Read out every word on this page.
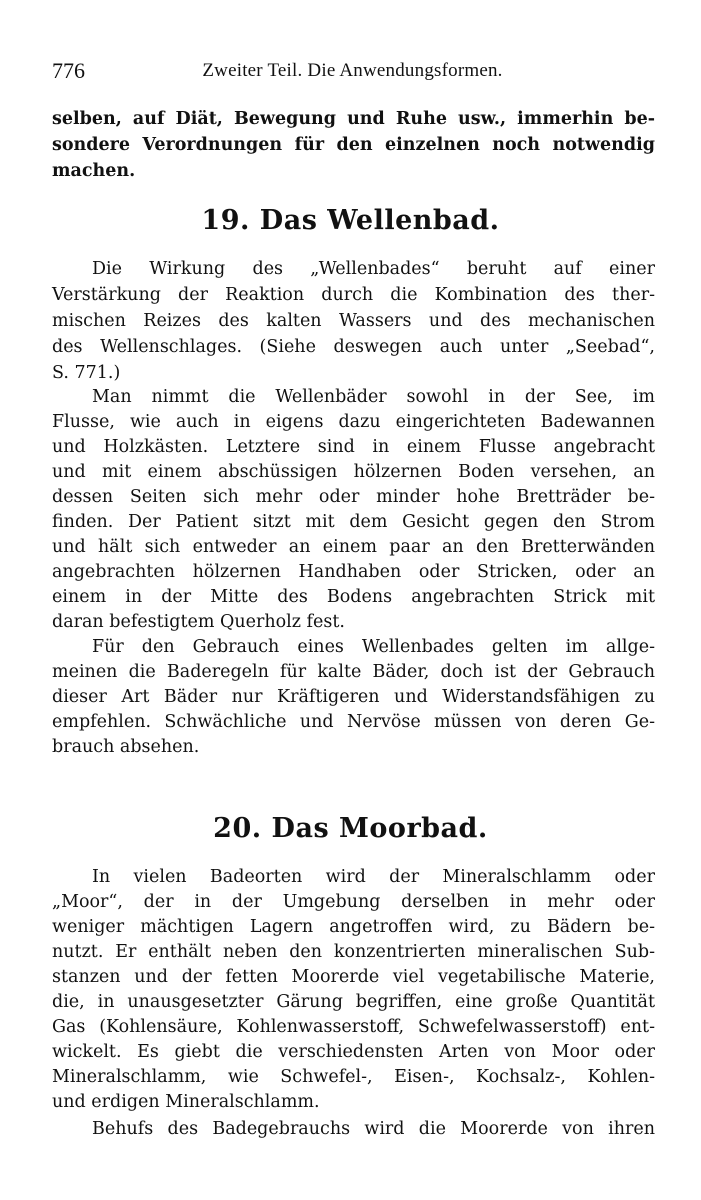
776	Zweiter Teil. Die Anwendungsformen.
selben, auf Diät, Bewegung und Ruhe usw., immerhin be-
sondere Verordnungen für den einzelnen noch notwendig
machen.
19. Das Wellenbad.
Die Wirkung des „Wellenbades“ beruht auf einer
Verstärkung der Reaktion durch die Kombination des ther-
mischen Reizes des kalten Wassers und des mechanischen
des Wellenschlages. (Siehe deswegen auch unter „Seebad“,
S. 771.)
Man nimmt die Wellenbäder sowohl in der See, im
Flusse, wie auch in eigens dazu eingerichteten Badewannen
und Holzkästen. Letztere sind in einem Flusse angebracht
und mit einem abschüssigen hölzernen Boden versehen, an
dessen Seiten sich mehr oder minder hohe Bretträder be-
finden. Der Patient sitzt mit dem Gesicht gegen den Strom
und hält sich entweder an einem paar an den Bretterwänden
angebrachten hölzernen Handhaben oder Stricken, oder an
einem in der Mitte des Bodens angebrachten Strick mit
daran befestigtem Querholz fest.
Für den Gebrauch eines Wellenbades gelten im allge-
meinen die Baderegeln für kalte Bäder, doch ist der Gebrauch
dieser Art Bäder nur Kräftigeren und Widerstandsfähigen zu
empfehlen. Schwächliche und Nervöse müssen von deren Ge-
brauch absehen.
20. Das Moorbad.
In vielen Badeorten wird der Mineralschlamm oder
„Moor“, der in der Umgebung derselben in mehr oder
weniger mächtigen Lagern angetroffen wird, zu Bädern be-
nutzt. Er enthält neben den konzentrierten mineralischen Sub-
stanzen und der fetten Moorerde viel vegetabilische Materie,
die, in unausgesetzter Gärung begriffen, eine große Quantität
Gas (Kohlensäure, Kohlenwasserstoff, Schwefelwasserstoff) ent-
wickelt. Es giebt die verschiedensten Arten von Moor oder
Mineralschlamm, wie Schwefel-, Eisen-, Kochsalz-, Kohlen-
und erdigen Mineralschlamm.
Behufs des Badegebrauchs wird die Moorerde von ihren
